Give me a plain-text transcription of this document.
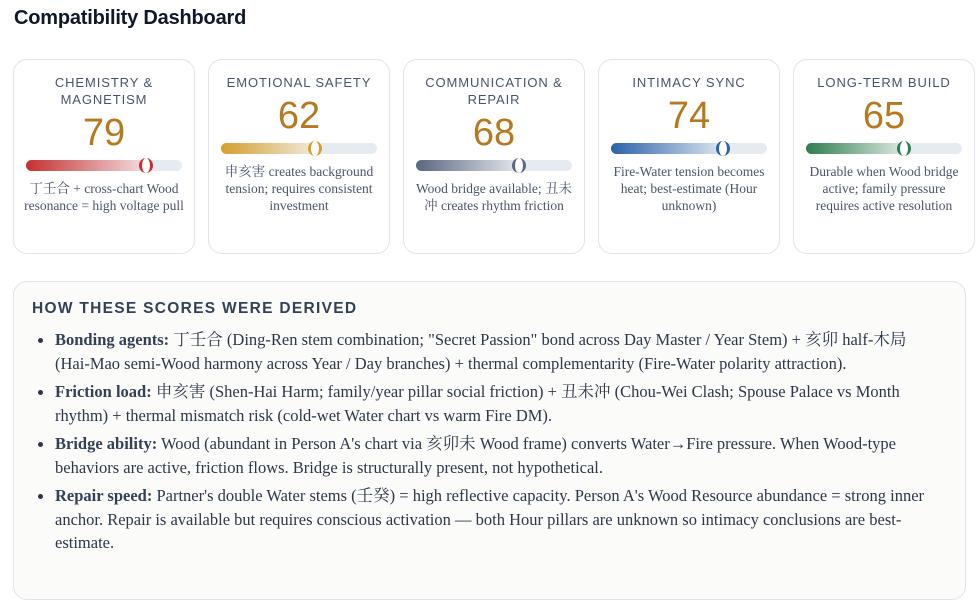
Compatibility Dashboard
CHEMISTRY & MAGNETISM
79
丁壬合 + cross-chart Wood resonance = high voltage pull
EMOTIONAL SAFETY
62
申亥害 creates background tension; requires consistent investment
COMMUNICATION & REPAIR
68
Wood bridge available; 丑未冲 creates rhythm friction
INTIMACY SYNC
74
Fire-Water tension becomes heat; best-estimate (Hour unknown)
LONG-TERM BUILD
65
Durable when Wood bridge active; family pressure requires active resolution
HOW THESE SCORES WERE DERIVED
Bonding agents: 丁壬合 (Ding-Ren stem combination; "Secret Passion" bond across Day Master / Year Stem) + 亥卯 half-木局 (Hai-Mao semi-Wood harmony across Year / Day branches) + thermal complementarity (Fire-Water polarity attraction).
Friction load: 申亥害 (Shen-Hai Harm; family/year pillar social friction) + 丑未冲 (Chou-Wei Clash; Spouse Palace vs Month rhythm) + thermal mismatch risk (cold-wet Water chart vs warm Fire DM).
Bridge ability: Wood (abundant in Person A's chart via 亥卯未 Wood frame) converts Water→Fire pressure. When Wood-type behaviors are active, friction flows. Bridge is structurally present, not hypothetical.
Repair speed: Partner's double Water stems (壬癸) = high reflective capacity. Person A's Wood Resource abundance = strong inner anchor. Repair is available but requires conscious activation — both Hour pillars are unknown so intimacy conclusions are best-estimate.
